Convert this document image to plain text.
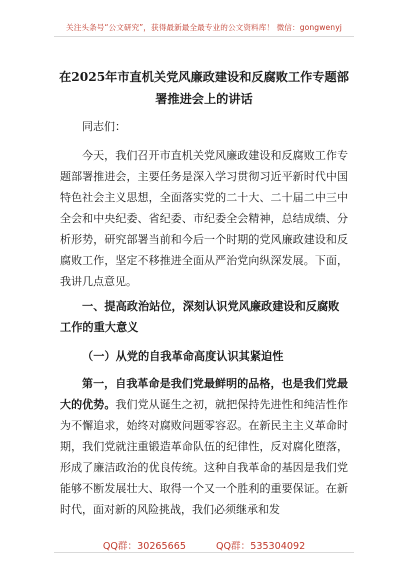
关注头条号“公文研究”，获得最新最全最专业的公文资料库！ 微信：gongwenyj
在2025年市直机关党风廉政建设和反腐败工作专题部署推进会上的讲话
同志们：
今天，我们召开市直机关党风廉政建设和反腐败工作专题部署推进会，主要任务是深入学习贯彻习近平新时代中国特色社会主义思想，全面落实党的二十大、二十届二中三中全会和中央纪委、省纪委、市纪委全会精神，总结成绩、分析形势，研究部署当前和今后一个时期的党风廉政建设和反腐败工作，坚定不移推进全面从严治党向纵深发展。下面，我讲几点意见。
一、提高政治站位，深刻认识党风廉政建设和反腐败工作的重大意义
（一）从党的自我革命高度认识其紧迫性
第一，自我革命是我们党最鲜明的品格，也是我们党最大的优势。我们党从诞生之初，就把保持先进性和纯洁性作为不懈追求，始终对腐败问题零容忍。在新民主主义革命时期，我们党就注重锻造革命队伍的纪律性，反对腐化堕落，形成了廉洁政治的优良传统。这种自我革命的基因是我们党能够不断发展壮大、取得一个又一个胜利的重要保证。在新时代，面对新的风险挑战，我们必须继承和发
QQ群：30265665	QQ群：535304092
